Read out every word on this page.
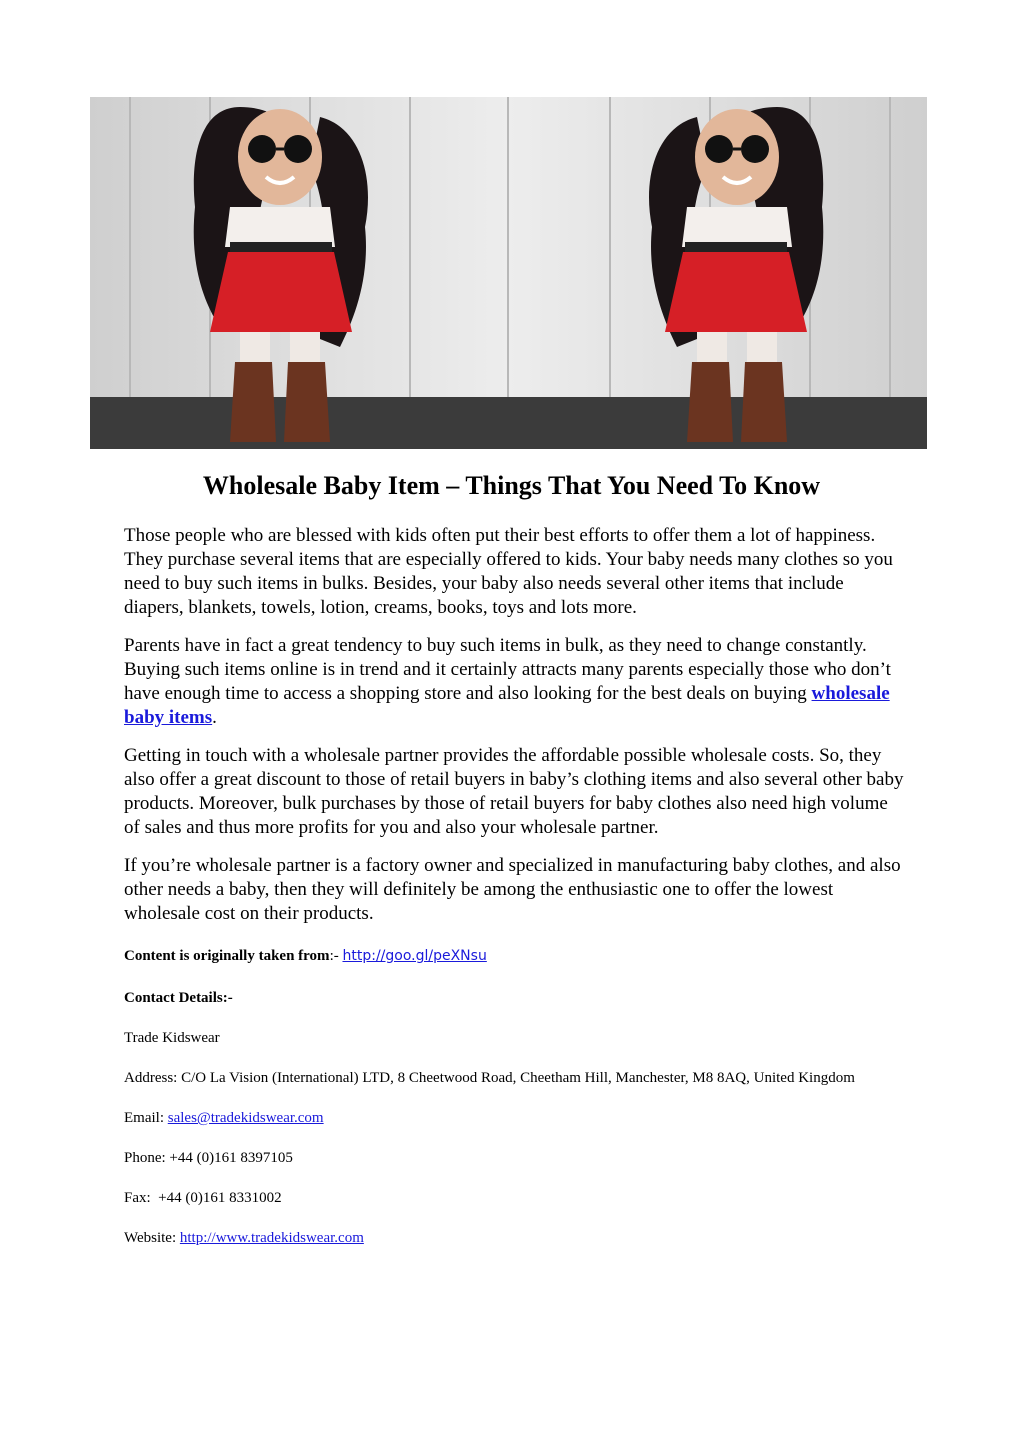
Wholesale Baby Item – Things That You Need To Know

Those people who are blessed with kids often put their best efforts to offer them a lot of happiness. They purchase several items that are especially offered to kids. Your baby needs many clothes so you need to buy such items in bulks. Besides, your baby also needs several other items that include diapers, blankets, towels, lotion, creams, books, toys and lots more.

Parents have in fact a great tendency to buy such items in bulk, as they need to change constantly. Buying such items online is in trend and it certainly attracts many parents especially those who don’t have enough time to access a shopping store and also looking for the best deals on buying wholesale baby items.

Getting in touch with a wholesale partner provides the affordable possible wholesale costs. So, they also offer a great discount to those of retail buyers in baby’s clothing items and also several other baby products. Moreover, bulk purchases by those of retail buyers for baby clothes also need high volume of sales and thus more profits for you and also your wholesale partner.

If you’re wholesale partner is a factory owner and specialized in manufacturing baby clothes, and also other needs a baby, then they will definitely be among the enthusiastic one to offer the lowest wholesale cost on their products.

Content is originally taken from:- http://goo.gl/peXNsu

Contact Details:-

Trade Kidswear

Address: C/O La Vision (International) LTD, 8 Cheetwood Road, Cheetham Hill, Manchester, M8 8AQ, United Kingdom

Email: sales@tradekidswear.com

Phone: +44 (0)161 8397105

Fax:  +44 (0)161 8331002

Website: http://www.tradekidswear.com
